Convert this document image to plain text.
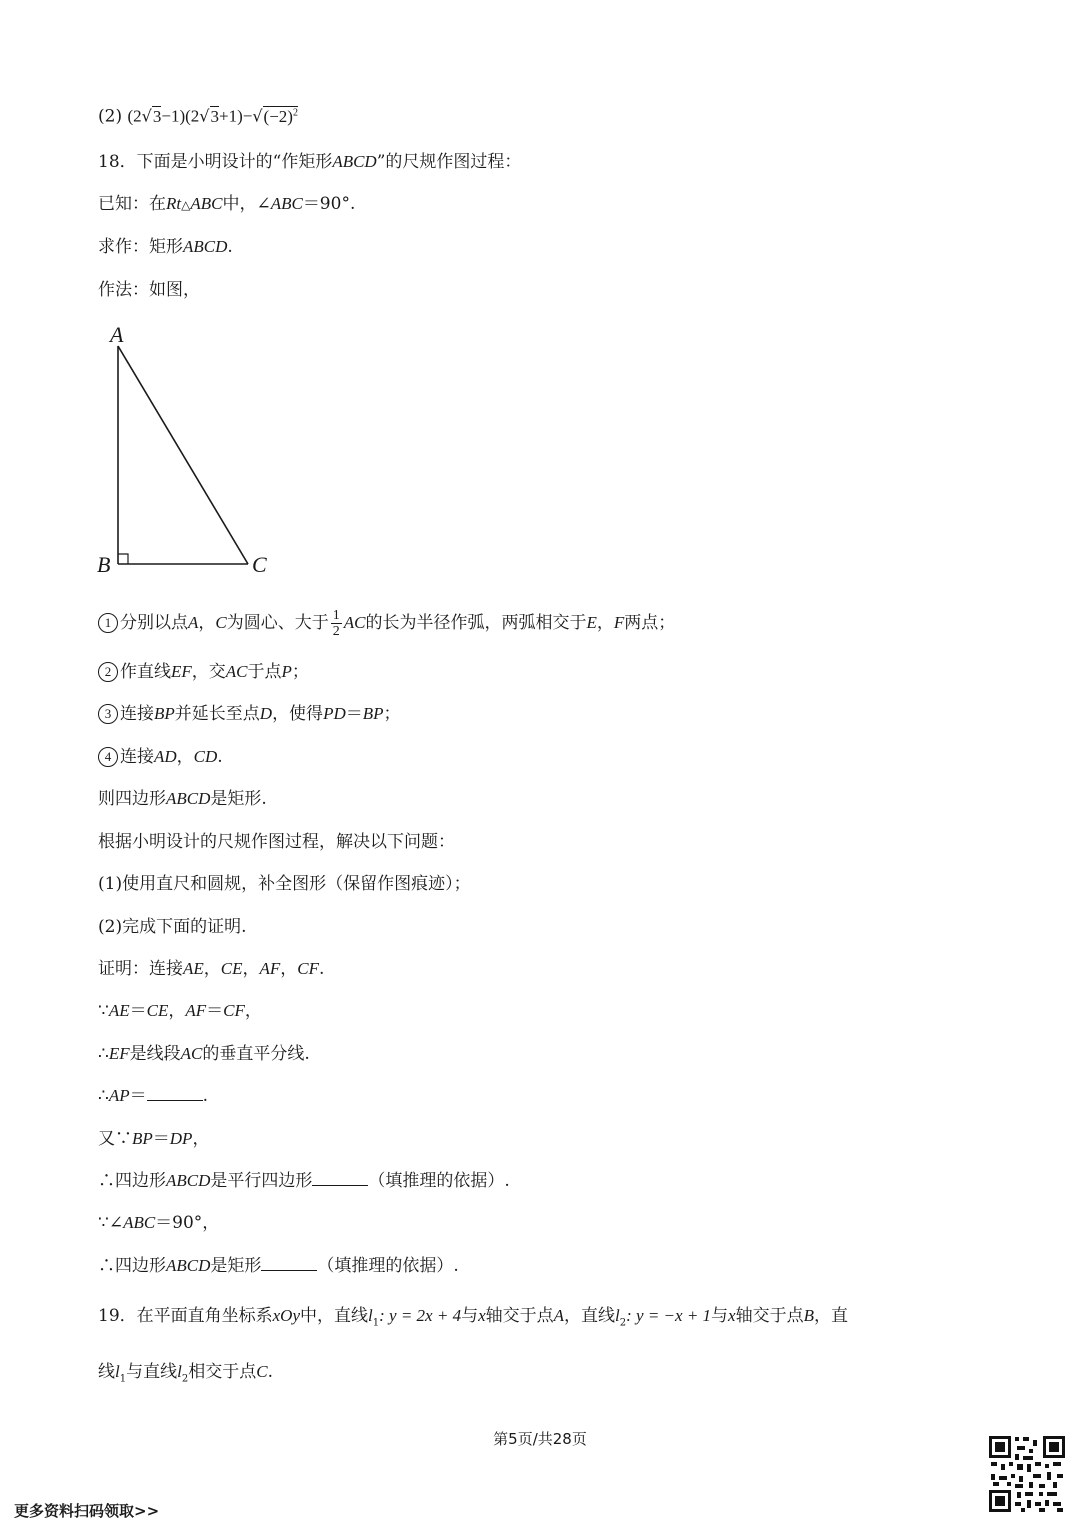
(2) $(2√3-1)(2√3+1)-√(-2)^2$
18．下面是小明设计的“作矩形ABCD”的尺规作图过程：
已知：在Rt△ABC中，∠ABC＝90°.
求作：矩形ABCD.
作法：如图，
A
B	C
1 分别以点A，C为圆心、大于 $\frac{1}{2}$ AC的长为半径作弧，两弧相交于E，F两点；
2 作直线EF，交AC于点P；
3 连接BP并延长至点D，使得PD＝BP；
4 连接AD，CD.
则四边形ABCD是矩形.
根据小明设计的尺规作图过程，解决以下问题：
(1)使用直尺和圆规，补全图形（保留作图痕迹）；
(2)完成下面的证明.
证明：连接AE，CE，AF，CF.
∵AE＝CE，AF＝CF，
∴EF是线段AC的垂直平分线.
∴AP＝	.
又∵BP＝DP，
∴四边形ABCD是平行四边形	（填推理的依据）.
∵∠ABC＝90°，
∴四边形ABCD是矩形	（填推理的依据）.
19．在平面直角坐标系xOy中，直线$l_1$: y = 2x + 4与x轴交于点A，直线$l_2$: y = −x + 1与x轴交于点B，直
线$l_1$与直线$l_2$相交于点C.
第5页/共28页
更多资料扫码领取>>
